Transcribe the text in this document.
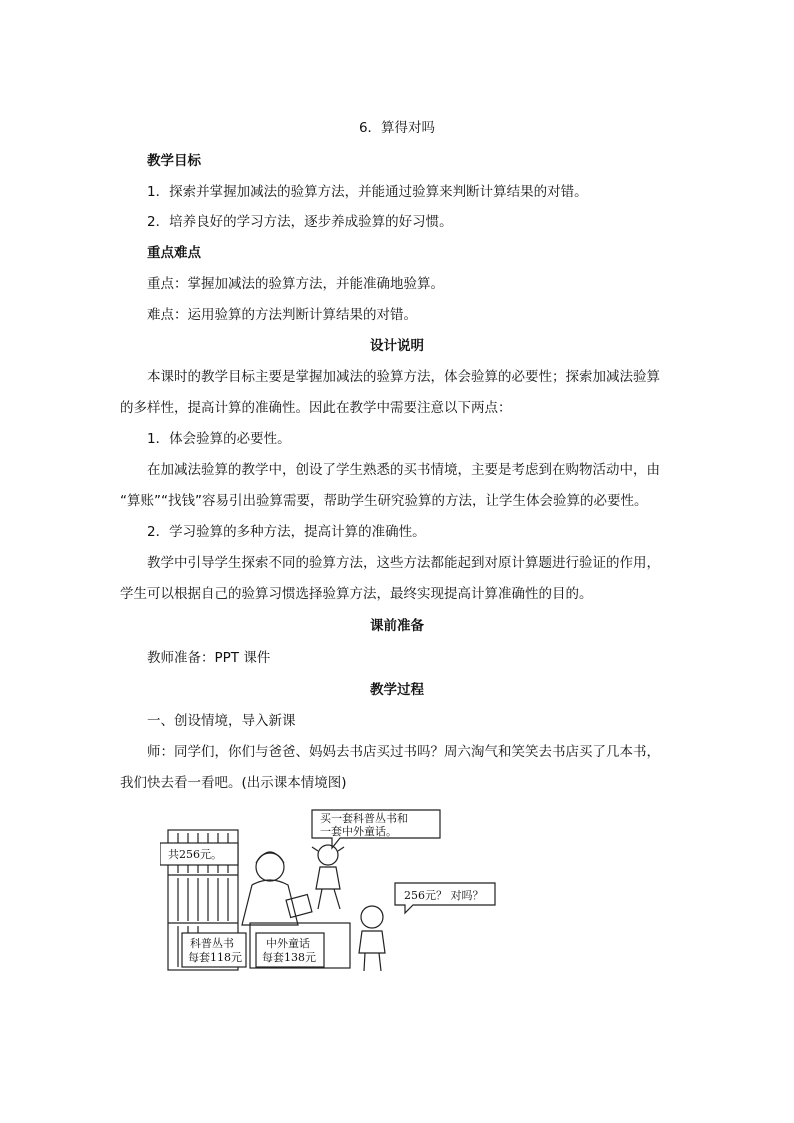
6．算得对吗
教学目标
1．探索并掌握加减法的验算方法，并能通过验算来判断计算结果的对错。
2．培养良好的学习方法，逐步养成验算的好习惯。
重点难点
重点：掌握加减法的验算方法，并能准确地验算。
难点：运用验算的方法判断计算结果的对错。
设计说明
本课时的教学目标主要是掌握加减法的验算方法，体会验算的必要性；探索加减法验算
的多样性，提高计算的准确性。因此在教学中需要注意以下两点：
1．体会验算的必要性。
在加减法验算的教学中，创设了学生熟悉的买书情境，主要是考虑到在购物活动中，由
“算账”“找钱”容易引出验算需要，帮助学生研究验算的方法，让学生体会验算的必要性。
2．学习验算的多种方法，提高计算的准确性。
教学中引导学生探索不同的验算方法，这些方法都能起到对原计算题进行验证的作用，
学生可以根据自己的验算习惯选择验算方法，最终实现提高计算准确性的目的。
课前准备
教师准备：PPT 课件
教学过程
一、创设情境，导入新课
师：同学们，你们与爸爸、妈妈去书店买过书吗？周六淘气和笑笑去书店买了几本书，
我们快去看一看吧。(出示课本情境图)
共256元。
买一套科普丛书和
一套中外童话。
256元？ 对吗？
科普丛书
每套118元
中外童话
每套138元
